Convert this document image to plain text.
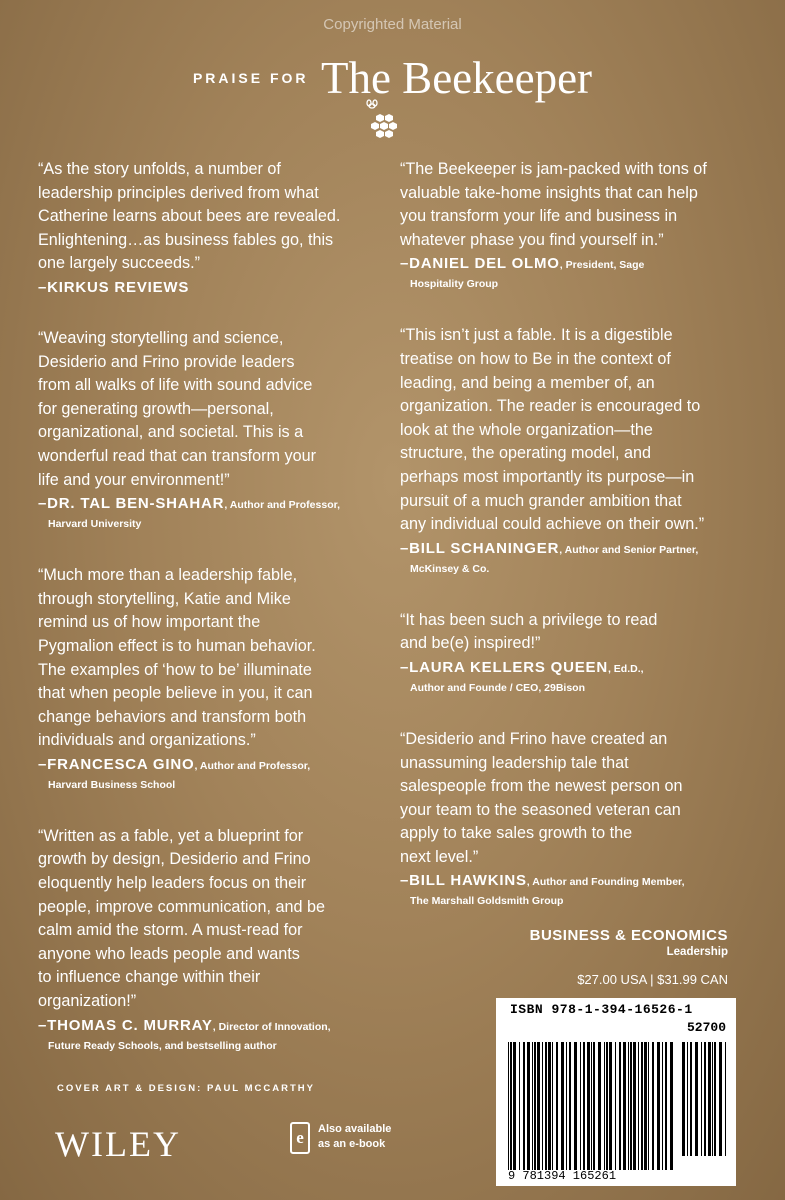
Copyrighted Material
PRAISE FOR The Beekeeper

“As the story unfolds, a number of
leadership principles derived from what
Catherine learns about bees are revealed.
Enlightening…as business fables go, this
one largely succeeds.”

–KIRKUS REVIEWS

“Weaving storytelling and science,
Desiderio and Frino provide leaders
from all walks of life with sound advice
for generating growth—personal,
organizational, and societal. This is a
wonderful read that can transform your
life and your environment!”

–DR. TAL BEN-SHAHAR, Author and Professor,
Harvard University

“Much more than a leadership fable,
through storytelling, Katie and Mike
remind us of how important the
Pygmalion effect is to human behavior.
The examples of ‘how to be’ illuminate
that when people believe in you, it can
change behaviors and transform both
individuals and organizations.”

–FRANCESCA GINO, Author and Professor,
Harvard Business School

“Written as a fable, yet a blueprint for
growth by design, Desiderio and Frino
eloquently help leaders focus on their
people, improve communication, and be
calm amid the storm. A must-read for
anyone who leads people and wants
to influence change within their
organization!”

–THOMAS C. MURRAY, Director of Innovation,
Future Ready Schools, and bestselling author

“The Beekeeper is jam-packed with tons of
valuable take-home insights that can help
you transform your life and business in
whatever phase you find yourself in.”

–DANIEL DEL OLMO, President, Sage
Hospitality Group

“This isn’t just a fable. It is a digestible
treatise on how to Be in the context of
leading, and being a member of, an
organization. The reader is encouraged to
look at the whole organization—the
structure, the operating model, and
perhaps most importantly its purpose—in
pursuit of a much grander ambition that
any individual could achieve on their own.”

–BILL SCHANINGER, Author and Senior Partner,
McKinsey & Co.

“It has been such a privilege to read
and be(e) inspired!”

–LAURA KELLERS QUEEN, Ed.D.,
Author and Founde / CEO, 29Bison

“Desiderio and Frino have created an
unassuming leadership tale that
salespeople from the newest person on
your team to the seasoned veteran can
apply to take sales growth to the
next level.”

–BILL HAWKINS, Author and Founding Member,
The Marshall Goldsmith Group
BUSINESS & ECONOMICS
Leadership
$27.00 USA | $31.99 CAN
ISBN 978-1-394-16526-1
52700
9 781394 165261
COVER ART & DESIGN: PAUL MCCARTHY
WILEY	e	Also available
as an e-book
